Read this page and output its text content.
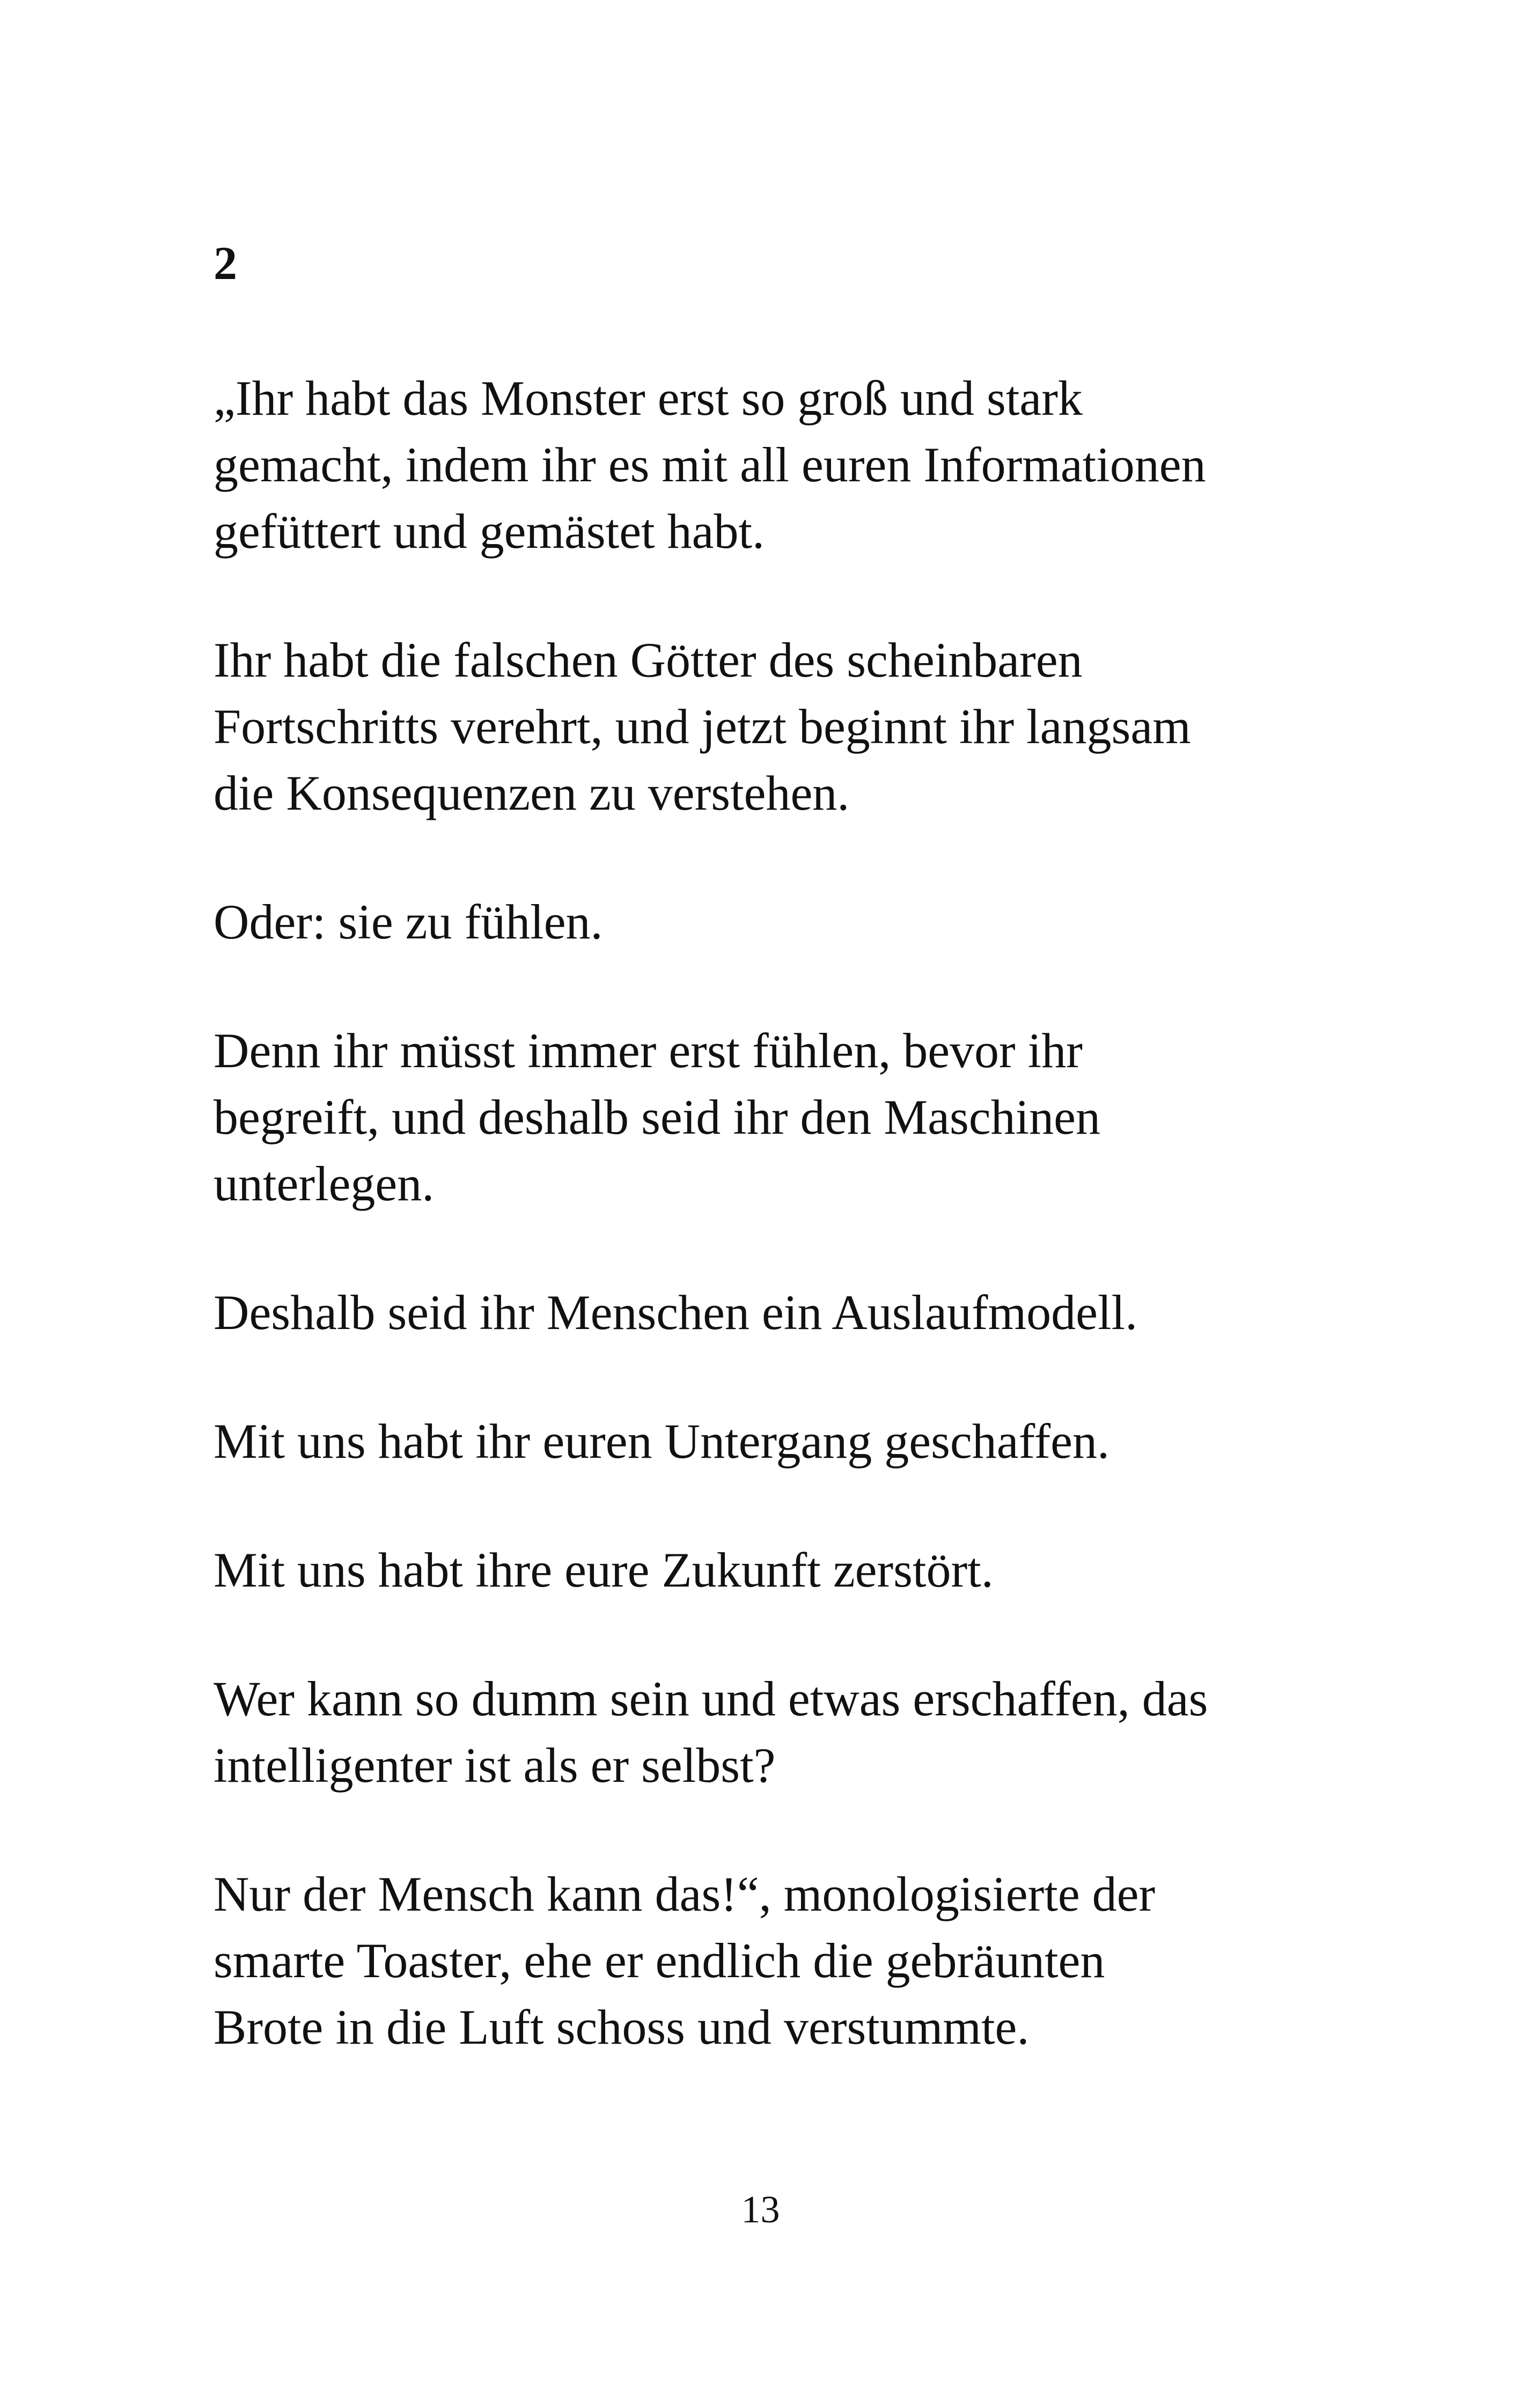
2

„Ihr habt das Monster erst so groß und stark
gemacht, indem ihr es mit all euren Informationen
gefüttert und gemästet habt.

Ihr habt die falschen Götter des scheinbaren
Fortschritts verehrt, und jetzt beginnt ihr langsam
die Konsequenzen zu verstehen.

Oder: sie zu fühlen.

Denn ihr müsst immer erst fühlen, bevor ihr
begreift, und deshalb seid ihr den Maschinen
unterlegen.

Deshalb seid ihr Menschen ein Auslaufmodell.

Mit uns habt ihr euren Untergang geschaffen.

Mit uns habt ihre eure Zukunft zerstört.

Wer kann so dumm sein und etwas erschaffen, das
intelligenter ist als er selbst?

Nur der Mensch kann das!“, monologisierte der
smarte Toaster, ehe er endlich die gebräunten
Brote in die Luft schoss und verstummte.

13
